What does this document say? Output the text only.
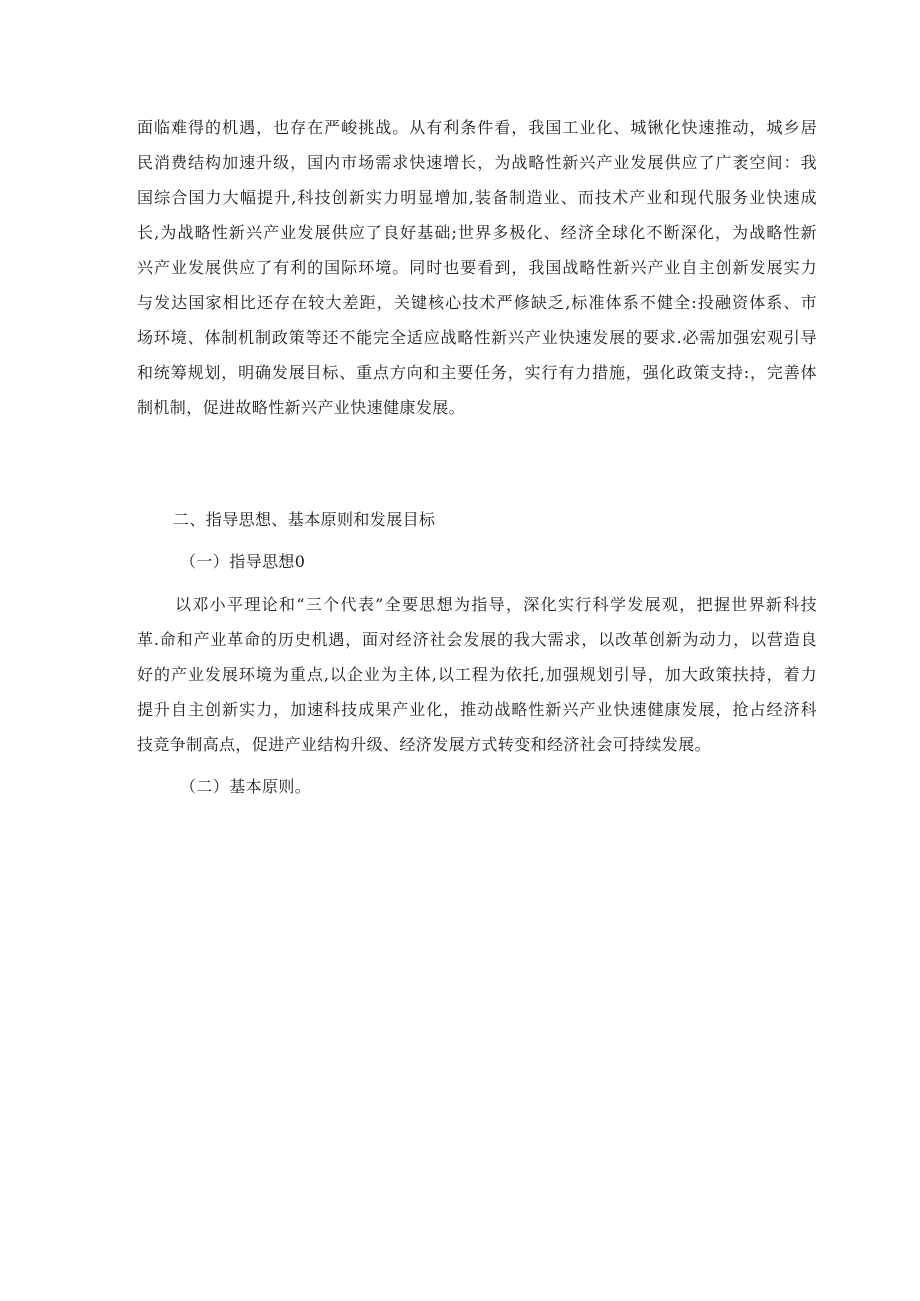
面临难得的机遇，也存在严峻挑战。从有利条件看，我国工业化、城锹化快速推动，城乡居
民消费结构加速升级，国内市场需求快速增长，为战略性新兴产业发展供应了广袤空间：我
国综合国力大幅提升,科技创新实力明显增加,装备制造业、而技术产业和现代服务业快速成
长,为战略性新兴产业发展供应了良好基础;世界多极化、经济全球化不断深化，为战略性新
兴产业发展供应了有利的国际环境。同时也要看到，我国战略性新兴产业自主创新发展实力
与发达国家相比还存在较大差距，关键核心技术严修缺乏,标准体系不健全:投融资体系、市
场环境、体制机制政策等还不能完全适应战略性新兴产业快速发展的要求.必需加强宏观引导
和统筹规划，明确发展目标、重点方向和主要任务，实行有力措施，强化政策支持:，完善体
制机制，促进故略性新兴产业快速健康发展。
二、指导思想、基本原则和发展目标
（一）指导思想0
以邓小平理论和“三个代表”全要思想为指导，深化实行科学发展观，把握世界新科技
革.命和产业革命的历史机遇，面对经济社会发展的我大需求，以改革创新为动力，以营造良
好的产业发展环境为重点,以企业为主体,以工程为依托,加强规划引导，加大政策扶持，着力
提升自主创新实力，加速科技成果产业化，推动战略性新兴产业快速健康发展，抢占经济科
技竞争制高点，促进产业结构升级、经济发展方式转变和经济社会可持续发展。
（二）基本原则。
